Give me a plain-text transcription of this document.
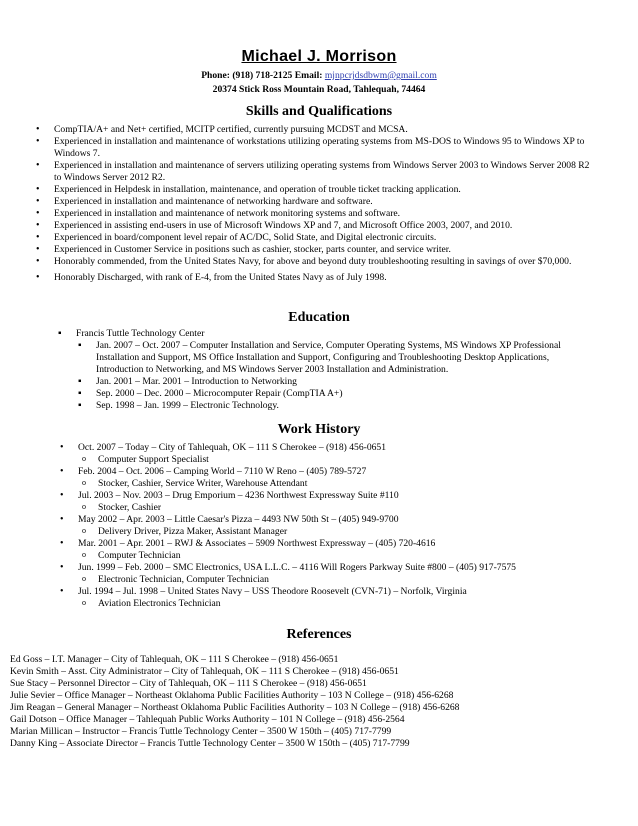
Michael J. Morrison
Phone: (918) 718-2125 Email: mjnpcrjdsdbwm@gmail.com
20374 Stick Ross Mountain Road, Tahlequah, 74464
Skills and Qualifications
• CompTIA/A+ and Net+ certified, MCITP certified, currently pursuing MCDST and MCSA.
• Experienced in installation and maintenance of workstations utilizing operating systems from MS-DOS to Windows 95 to Windows XP to Windows 7.
• Experienced in installation and maintenance of servers utilizing operating systems from Windows Server 2003 to Windows Server 2008 R2 to Windows Server 2012 R2.
• Experienced in Helpdesk in installation, maintenance, and operation of trouble ticket tracking application.
• Experienced in installation and maintenance of networking hardware and software.
• Experienced in installation and maintenance of network monitoring systems and software.
• Experienced in assisting end-users in use of Microsoft Windows XP and 7, and Microsoft Office 2003, 2007, and 2010.
• Experienced in board/component level repair of AC/DC, Solid State, and Digital electronic circuits.
• Experienced in Customer Service in positions such as cashier, stocker, parts counter, and service writer.
• Honorably commended, from the United States Navy, for above and beyond duty troubleshooting resulting in savings of over $70,000.
• Honorably Discharged, with rank of E-4, from the United States Navy as of July 1998.
Education
▪ Francis Tuttle Technology Center
▪ Jan. 2007 – Oct. 2007 – Computer Installation and Service, Computer Operating Systems, MS Windows XP Professional Installation and Support, MS Office Installation and Support, Configuring and Troubleshooting Desktop Applications, Introduction to Networking, and MS Windows Server 2003 Installation and Administration.
▪ Jan. 2001 – Mar. 2001 – Introduction to Networking
▪ Sep. 2000 – Dec. 2000 – Microcomputer Repair (CompTIA A+)
▪ Sep. 1998 – Jan. 1999 – Electronic Technology.
Work History
• Oct. 2007 – Today – City of Tahlequah, OK – 111 S Cherokee – (918) 456-0651
o Computer Support Specialist
• Feb. 2004 – Oct. 2006 – Camping World – 7110 W Reno – (405) 789-5727
o Stocker, Cashier, Service Writer, Warehouse Attendant
• Jul. 2003 – Nov. 2003 – Drug Emporium – 4236 Northwest Expressway Suite #110
o Stocker, Cashier
• May 2002 – Apr. 2003 – Little Caesar's Pizza – 4493 NW 50th St – (405) 949-9700
o Delivery Driver, Pizza Maker, Assistant Manager
• Mar. 2001 – Apr. 2001 – RWJ & Associates – 5909 Northwest Expressway – (405) 720-4616
o Computer Technician
• Jun. 1999 – Feb. 2000 – SMC Electronics, USA L.L.C. – 4116 Will Rogers Parkway Suite #800 – (405) 917-7575
o Electronic Technician, Computer Technician
• Jul. 1994 – Jul. 1998 – United States Navy – USS Theodore Roosevelt (CVN-71) – Norfolk, Virginia
o Aviation Electronics Technician
References
Ed Goss – I.T. Manager – City of Tahlequah, OK – 111 S Cherokee – (918) 456-0651
Kevin Smith – Asst. City Administrator – City of Tahlequah, OK – 111 S Cherokee – (918) 456-0651
Sue Stacy – Personnel Director – City of Tahlequah, OK – 111 S Cherokee – (918) 456-0651
Julie Sevier – Office Manager – Northeast Oklahoma Public Facilities Authority – 103 N College – (918) 456-6268
Jim Reagan – General Manager – Northeast Oklahoma Public Facilities Authority – 103 N College – (918) 456-6268
Gail Dotson – Office Manager – Tahlequah Public Works Authority – 101 N College – (918) 456-2564
Marian Millican – Instructor – Francis Tuttle Technology Center – 3500 W 150th – (405) 717-7799
Danny King – Associate Director – Francis Tuttle Technology Center – 3500 W 150th – (405) 717-7799
